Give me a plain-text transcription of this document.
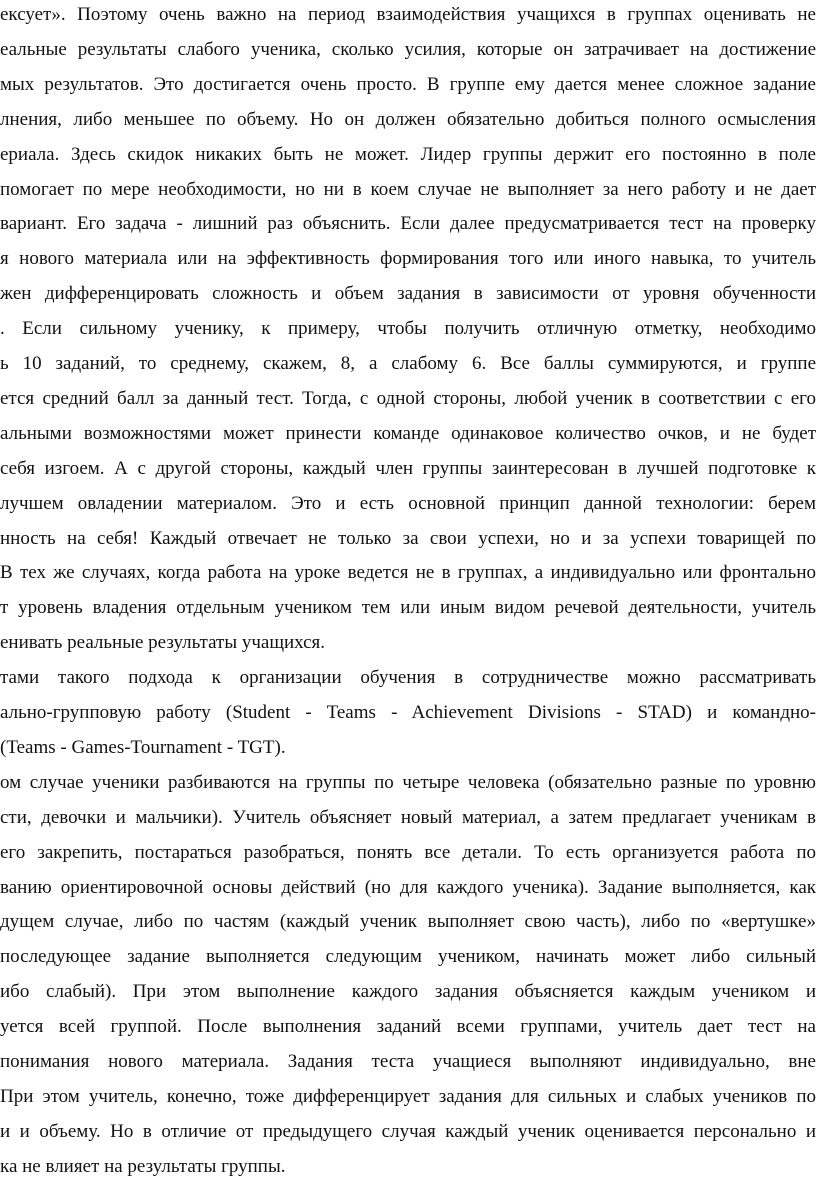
ексует». Поэтому очень важно на период взаимодействия учащихся в группах оценивать не
еальные результаты слабого ученика, сколько усилия, которые он затрачивает на достижение
мых результатов. Это достигается очень просто. В группе ему дается менее сложное задание
лнения, либо меньшее по объему. Но он должен обязательно добиться полного осмысления
ериала. Здесь скидок никаких быть не может. Лидер группы держит его постоянно в поле
помогает по мере необходимости, но ни в коем случае не выполняет за него работу и не дает
вариант. Его задача - лишний раз объяснить. Если далее предусматривается тест на проверку
я нового материала или на эффективность формирования того или иного навыка, то учитель
жен дифференцировать сложность и объем задания в зависимости от уровня обученности
. Если сильному ученику, к примеру, чтобы получить отличную отметку, необходимо
ь 10 заданий, то среднему, скажем, 8, а слабому 6. Все баллы суммируются, и группе
ется средний балл за данный тест. Тогда, с одной стороны, любой ученик в соответствии с его
альными возможностями может принести команде одинаковое количество очков, и не будет
себя изгоем. А с другой стороны, каждый член группы заинтересован в лучшей подготовке к
лучшем овладении материалом. Это и есть основной принцип данной технологии: берем
нность на себя! Каждый отвечает не только за свои успехи, но и за успехи товарищей по
В тех же случаях, когда работа на уроке ведется не в группах, а индивидуально или фронтально
т уровень владения отдельным учеником тем или иным видом речевой деятельности, учитель
енивать реальные результаты учащихся.
тами такого подхода к организации обучения в сотрудничестве можно рассматривать
ально-групповую работу (Student - Teams - Achievement Divisions - STAD) и командно-
(Teams - Games-Tournament - TGT).
ом случае ученики разбиваются на группы по четыре человека (обязательно разные по уровню
сти, девочки и мальчики). Учитель объясняет новый материал, а затем предлагает ученикам в
его закрепить, постараться разобраться, понять все детали. То есть организуется работа по
ванию ориентировочной основы действий (но для каждого ученика). Задание выполняется, как
дущем случае, либо по частям (каждый ученик выполняет свою часть), либо по «вертушке»
последующее задание выполняется следующим учеником, начинать может либо сильный
ибо слабый). При этом выполнение каждого задания объясняется каждым учеником и
уется всей группой. После выполнения заданий всеми группами, учитель дает тест на
понимания нового материала. Задания теста учащиеся выполняют индивидуально, вне
При этом учитель, конечно, тоже дифференцирует задания для сильных и слабых учеников по
и и объему. Но в отличие от предыдущего случая каждый ученик оценивается персонально и
ка не влияет на результаты группы.
